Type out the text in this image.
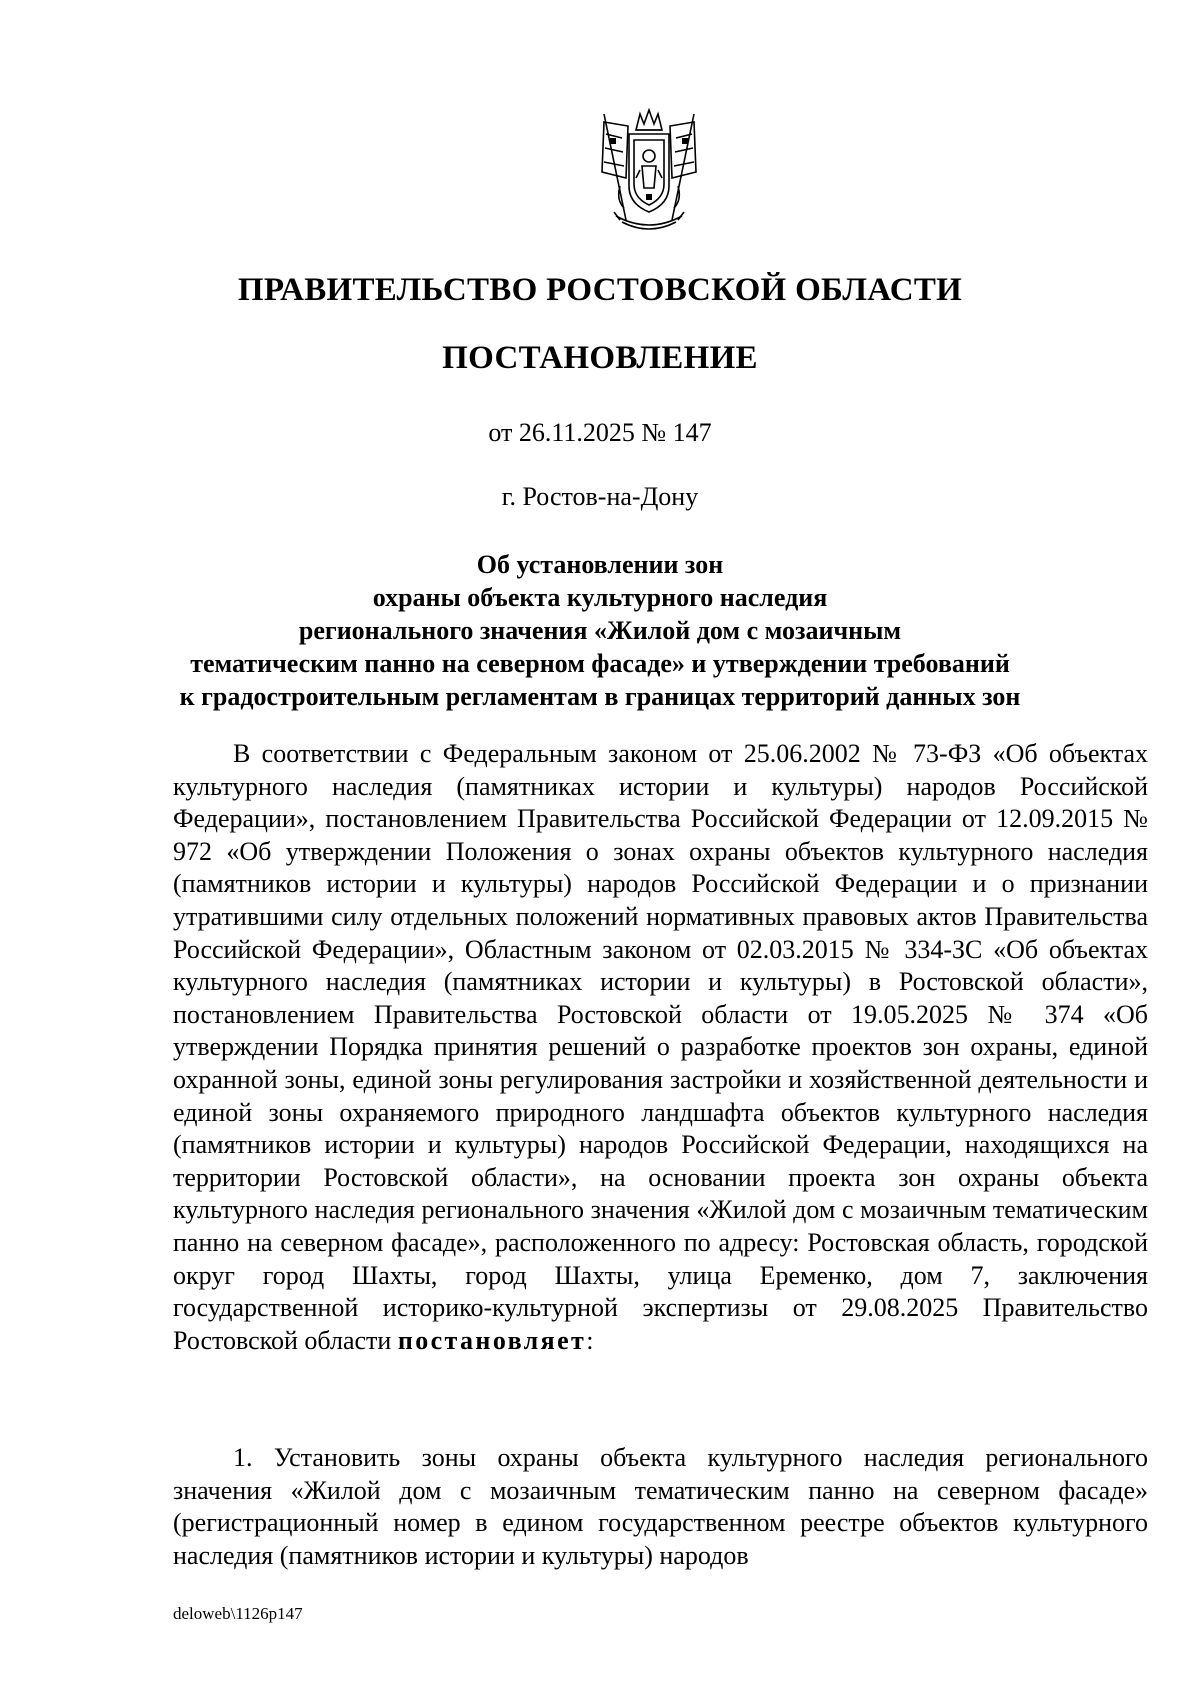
ПРАВИТЕЛЬСТВО РОСТОВСКОЙ ОБЛАСТИ
ПОСТАНОВЛЕНИЕ
от 26.11.2025 № 147
г. Ростов-на-Дону
Об установлении зон
охраны объекта культурного наследия
регионального значения «Жилой дом с мозаичным
тематическим панно на северном фасаде» и утверждении требований
к градостроительным регламентам в границах территорий данных зон

В соответствии с Федеральным законом от 25.06.2002 № 73-ФЗ «Об объектах культурного наследия (памятниках истории и культуры) народов Российской Федерации», постановлением Правительства Российской Федерации от 12.09.2015 № 972 «Об утверждении Положения о зонах охраны объектов культурного наследия (памятников истории и культуры) народов Российской Федерации и о признании утратившими силу отдельных положений нормативных правовых актов Правительства Российской Федерации», Областным законом от 02.03.2015 № 334-ЗС «Об объектах культурного наследия (памятниках истории и культуры) в Ростовской области», постановлением Правительства Ростовской области от 19.05.2025 № 374 «Об утверждении Порядка принятия решений о разработке проектов зон охраны, единой охранной зоны, единой зоны регулирования застройки и хозяйственной деятельности и единой зоны охраняемого природного ландшафта объектов культурного наследия (памятников истории и культуры) народов Российской Федерации, находящихся на территории Ростовской области», на основании проекта зон охраны объекта культурного наследия регионального значения «Жилой дом с мозаичным тематическим панно на северном фасаде», расположенного по адресу: Ростовская область, городской округ город Шахты, город Шахты, улица Еременко, дом 7, заключения государственной историко-культурной экспертизы от 29.08.2025 Правительство Ростовской области постановляет:

1. Установить зоны охраны объекта культурного наследия регионального значения «Жилой дом с мозаичным тематическим панно на северном фасаде» (регистрационный номер в едином государственном реестре объектов культурного наследия (памятников истории и культуры) народов

deloweb\1126p147
